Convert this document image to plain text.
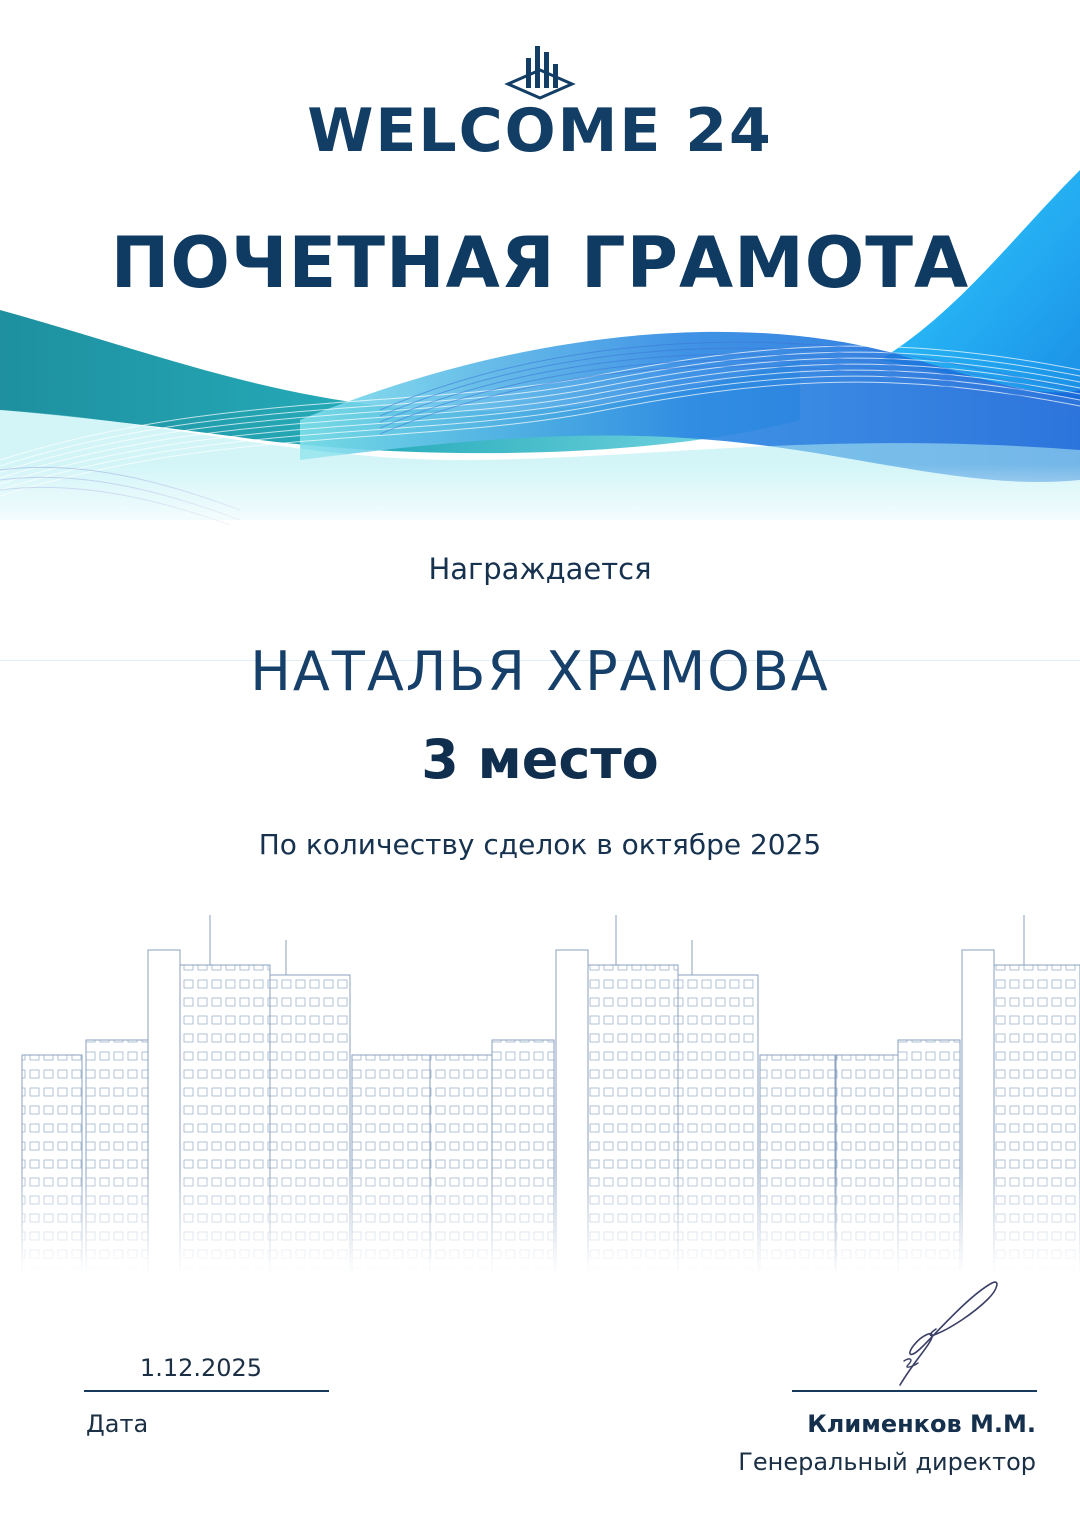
WELCOME 24
ПОЧЕТНАЯ ГРАМОТА
Награждается
НАТАЛЬЯ ХРАМОВА
3 место
По количеству сделок в октябре 2025
1.12.2025
Дата	Клименков М.М.
Генеральный директор
